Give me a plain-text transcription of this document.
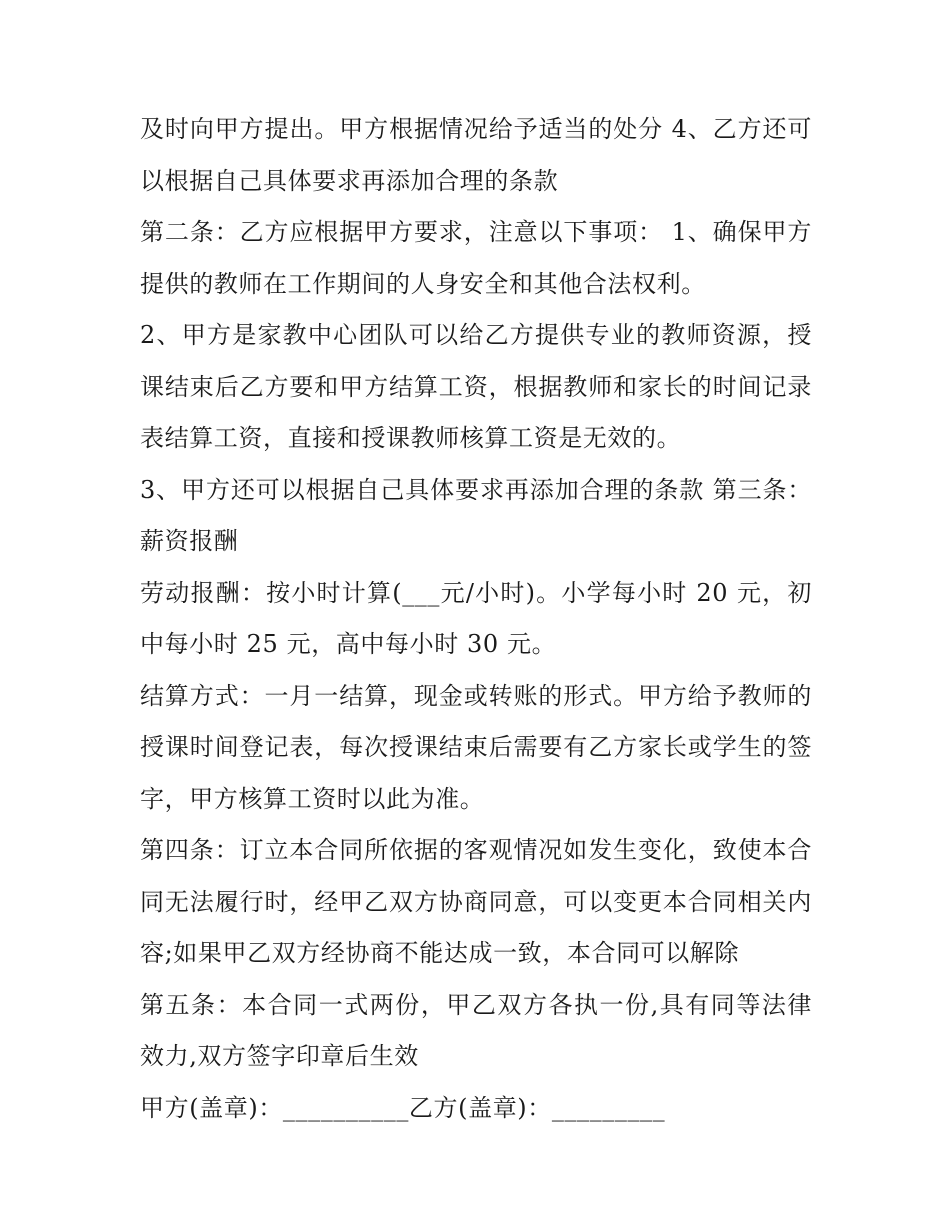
及时向甲方提出。甲方根据情况给予适当的处分 4、乙方还可以根据自己具体要求再添加合理的条款

第二条：乙方应根据甲方要求，注意以下事项： 1、确保甲方提供的教师在工作期间的人身安全和其他合法权利。

2、甲方是家教中心团队可以给乙方提供专业的教师资源，授课结束后乙方要和甲方结算工资，根据教师和家长的时间记录表结算工资，直接和授课教师核算工资是无效的。

3、甲方还可以根据自己具体要求再添加合理的条款 第三条：薪资报酬

劳动报酬：按小时计算(___元/小时)。小学每小时 20 元，初中每小时 25 元，高中每小时 30 元。

结算方式：一月一结算，现金或转账的形式。甲方给予教师的授课时间登记表，每次授课结束后需要有乙方家长或学生的签字，甲方核算工资时以此为准。

第四条：订立本合同所依据的客观情况如发生变化，致使本合同无法履行时，经甲乙双方协商同意，可以变更本合同相关内容;如果甲乙双方经协商不能达成一致，本合同可以解除

第五条：本合同一式两份，甲乙双方各执一份,具有同等法律效力,双方签字印章后生效

甲方(盖章)：__________乙方(盖章)：_________
